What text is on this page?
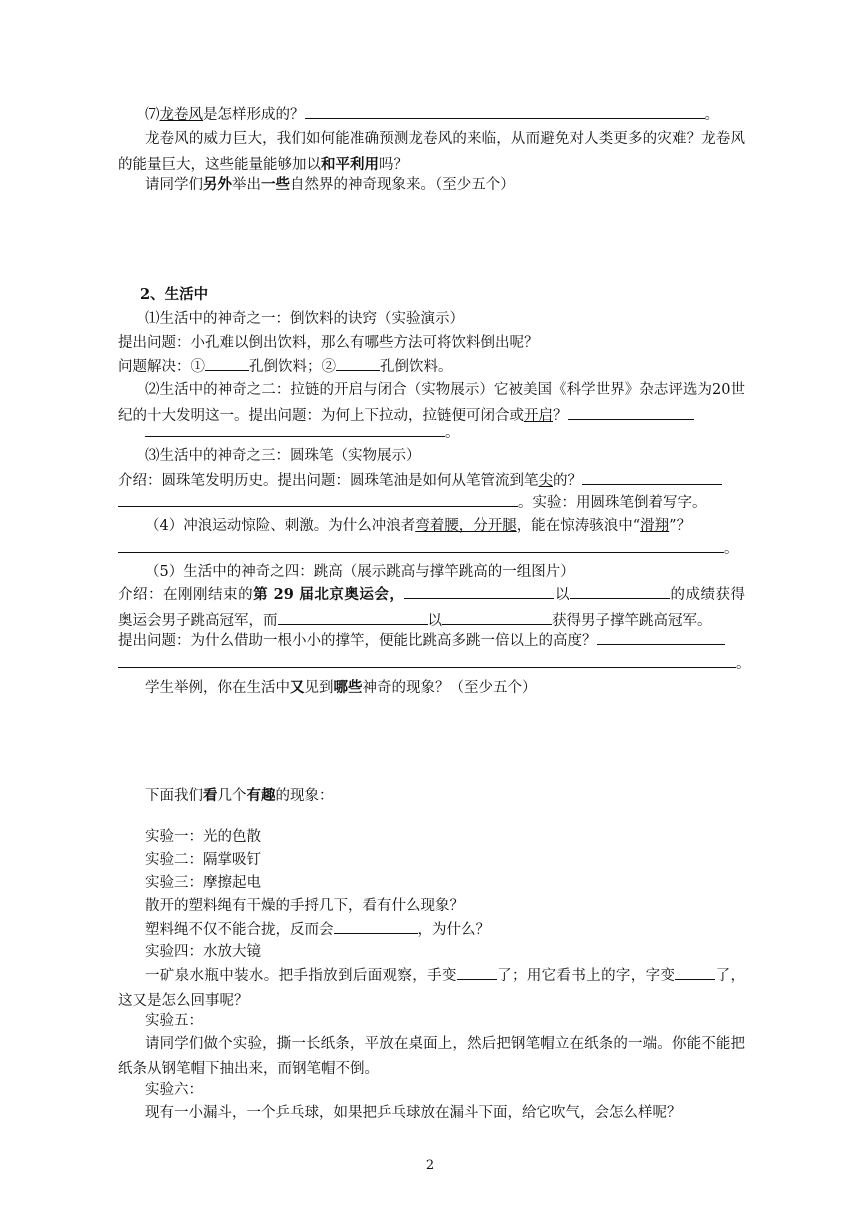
⑺龙卷风是怎样形成的？	。

龙卷风的威力巨大，我们如何能准确预测龙卷风的来临，从而避免对人类更多的灾难？龙卷风的能量巨大，这些能量能够加以和平利用吗？

请同学们另外举出一些自然界的神奇现象来。（至少五个）

2、生活中
⑴生活中的神奇之一：倒饮料的诀窍（实验演示）
提出问题：小孔难以倒出饮料，那么有哪些方法可将饮料倒出呢？
问题解决：①	孔倒饮料；②	孔倒饮料。

⑵生活中的神奇之二：拉链的开启与闭合（实物展示）它被美国《科学世界》杂志评选为20世纪的十大发明这一。提出问题：为何上下拉动，拉链便可闭合或开启？

。
⑶生活中的神奇之三：圆珠笔（实物展示）
介绍：圆珠笔发明历史。提出问题：圆珠笔油是如何从笔管流到笔尖的？
。实验：用圆珠笔倒着写字。
（4）冲浪运动惊险、刺激。为什么冲浪者弯着腰，分开腿，能在惊涛骇浪中“滑翔”？
。
（5）生活中的神奇之四：跳高（展示跳高与撑竿跳高的一组图片）

介绍：在刚刚结束的第 29 届北京奥运会，	以	的成绩获得奥运会男子跳高冠军，而	以	获得男子撑竿跳高冠军。

提出问题：为什么借助一根小小的撑竿，便能比跳高多跳一倍以上的高度？
。
学生举例，你在生活中又见到哪些神奇的现象？（至少五个）
下面我们看几个有趣的现象：
实验一：光的色散
实验二：隔掌吸钉
实验三：摩擦起电
散开的塑料绳有干燥的手捋几下，看有什么现象？
塑料绳不仅不能合拢，反而会	，为什么？
实验四：水放大镜

一矿泉水瓶中装水。把手指放到后面观察，手变	了；用它看书上的字，字变	了，这又是怎么回事呢？

实验五：

请同学们做个实验，撕一长纸条，平放在桌面上，然后把钢笔帽立在纸条的一端。你能不能把纸条从钢笔帽下抽出来，而钢笔帽不倒。

实验六：
现有一小漏斗，一个乒乓球，如果把乒乓球放在漏斗下面，给它吹气，会怎么样呢？
2
